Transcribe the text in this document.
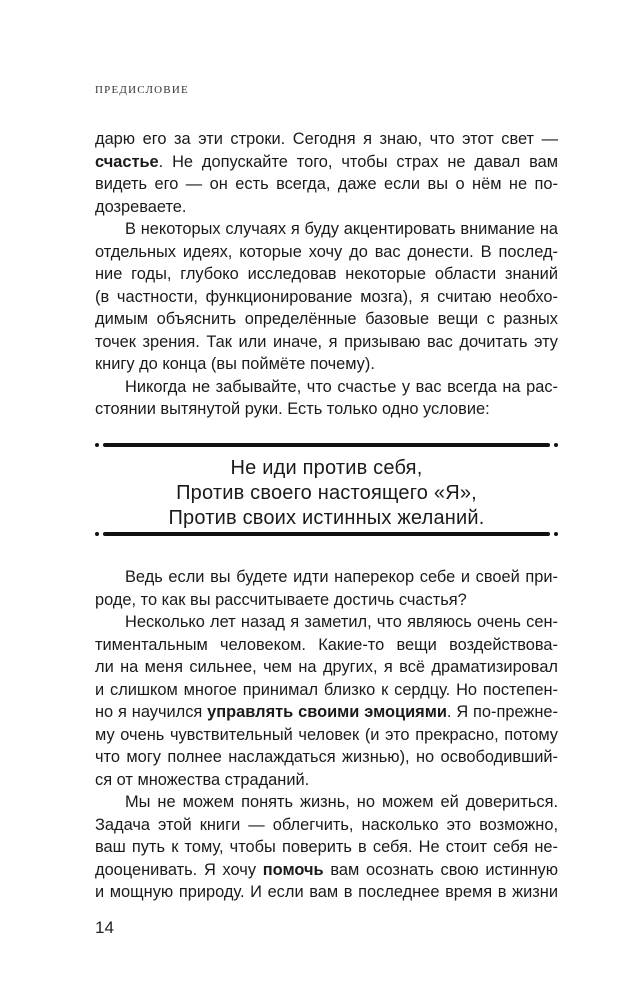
ПРЕДИСЛОВИЕ
дарю его за эти строки. Сегодня я знаю, что этот свет —
счастье. Не допускайте того, чтобы страх не давал вам
видеть его — он есть всегда, даже если вы о нём не по-
дозреваете.
В некоторых случаях я буду акцентировать внимание на
отдельных идеях, которые хочу до вас донести. В послед-
ние годы, глубоко исследовав некоторые области знаний
(в частности, функционирование мозга), я считаю необхо-
димым объяснить определённые базовые вещи с разных
точек зрения. Так или иначе, я призываю вас дочитать эту
книгу до конца (вы поймёте почему).
Никогда не забывайте, что счастье у вас всегда на рас-
стоянии вытянутой руки. Есть только одно условие:
Не иди против себя,
Против своего настоящего «Я»,
Против своих истинных желаний.
Ведь если вы будете идти наперекор себе и своей при-
роде, то как вы рассчитываете достичь счастья?
Несколько лет назад я заметил, что являюсь очень сен-
тиментальным человеком. Какие-то вещи воздействова-
ли на меня сильнее, чем на других, я всё драматизировал
и слишком многое принимал близко к сердцу. Но постепен-
но я научился управлять своими эмоциями. Я по-прежне-
му очень чувствительный человек (и это прекрасно, потому
что могу полнее наслаждаться жизнью), но освободивший-
ся от множества страданий.
Мы не можем понять жизнь, но можем ей довериться.
Задача этой книги — облегчить, насколько это возможно,
ваш путь к тому, чтобы поверить в себя. Не стоит себя не-
дооценивать. Я хочу помочь вам осознать свою истинную
и мощную природу. И если вам в последнее время в жизни
14
